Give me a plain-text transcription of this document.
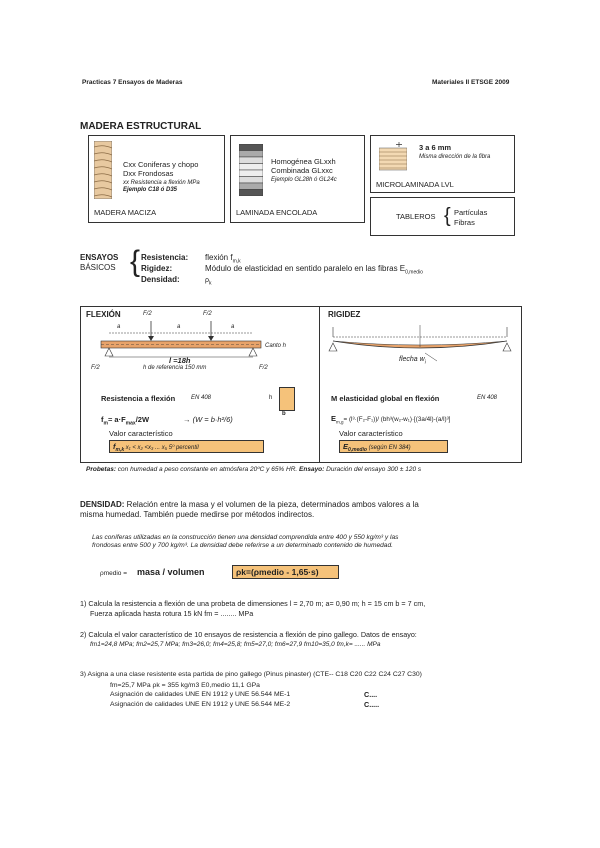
Practicas 7 Ensayos de Maderas	Materiales II ETSGE 2009
MADERA ESTRUCTURAL
Cxx Coniferas y chopo
Dxx Frondosas
xx Resistencia a flexión MPa
Ejemplo C18 ó D35
MADERA MACIZA
Homogénea GLxxh
Combinada GLxxc
Ejemplo GL28h ó GL24c
LAMINADA ENCOLADA
3 a 6 mm
Misma dirección de la fibra
MICROLAMINADA LVL
TABLEROS { Partículas
Fibras
ENSAYOS
BÁSICOS { Resistencia: flexión $f_{m,k}$
Rigidez:	Módulo de elasticidad en sentido paralelo en las fibras $E_{0,medio}$
Densidad:	$\rho_k$
FLEXIÓN	F/2	F/2
a	a	a
Canto h
l =18h
h de referencia 150 mm
F/2	F/2
Resistencia a flexión	EN 408	h
b
$f_m= a\cdot F_{max}/2W$	→ (W = b·h²/6)
Valor característico
$f_{m,k}$ x₁ < x₂ <x₃ ... x₅ 5º percentil
RIGIDEZ
flecha $w_i$
M elasticidad global en flexión	EN 408
$E_{m,g}= (l^3\cdot(F_2-F_1))/$ (bh³(w₂-w₁)·[(3a/4l)-(a/l)³]
Valor característico
$E_{0,medio}$ (según EN 384)
Probetas: con humedad a peso constante en atmósfera 20ºC y 65% HR. Ensayo: Duración del ensayo 300 ± 120 s
DENSIDAD: Relación entre la masa y el volumen de la pieza, determinados ambos valores a la
misma humedad. También puede medirse por métodos indirectos.
Las coníferas utilizadas en la construcción tienen una densidad comprendida entre 400 y 550 kg/m³ y las
frondosas entre 500 y 700 kg/m³. La densidad debe referirse a un determinado contenido de humedad.
ρmedio = masa / volumen	ρk=(ρmedio - 1,65·s)
1) Calcula la resistencia a flexión de una probeta de dimensiones l = 2,70 m; a= 0,90 m; h = 15 cm b = 7 cm,
Fuerza aplicada hasta rotura 15 kN fm = ........ MPa
2) Calcula el valor característico de 10 ensayos de resistencia a flexión de pino gallego. Datos de ensayo:
fm1=24,8 MPa; fm2=25,7 MPa; fm3=26,0; fm4=25,8; fm5=27,0; fm6=27,9 fm10=35,0 fm,k= ...... MPa
3) Asigna a una clase resistente esta partida de pino gallego (Pinus pinaster) (CTE-- C18 C20 C22 C24 C27 C30)
fm=25,7 MPa ρk = 355 kg/m3 E0,medio 11,1 GPa
Asignación de calidades UNE EN 1912 y UNE 56.544 ME-1	C....
Asignación de calidades UNE EN 1912 y UNE 56.544 ME-2	C.....
